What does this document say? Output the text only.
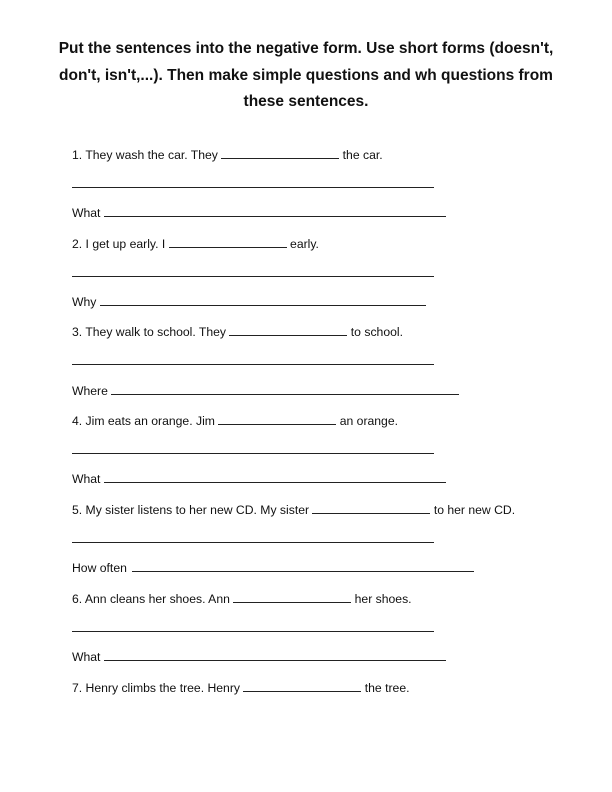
Put the sentences into the negative form. Use short forms (doesn't, don't, isn't,...). Then make simple questions and wh questions from these sentences.
1. They wash the car. They	the car.
What
2. I get up early. I	early.
Why
3. They walk to school. They	to school.
Where
4. Jim eats an orange. Jim	an orange.
What
5. My sister listens to her new CD. My sister	to her new CD.
How often
6. Ann cleans her shoes. Ann	her shoes.
What
7. Henry climbs the tree. Henry	the tree.
